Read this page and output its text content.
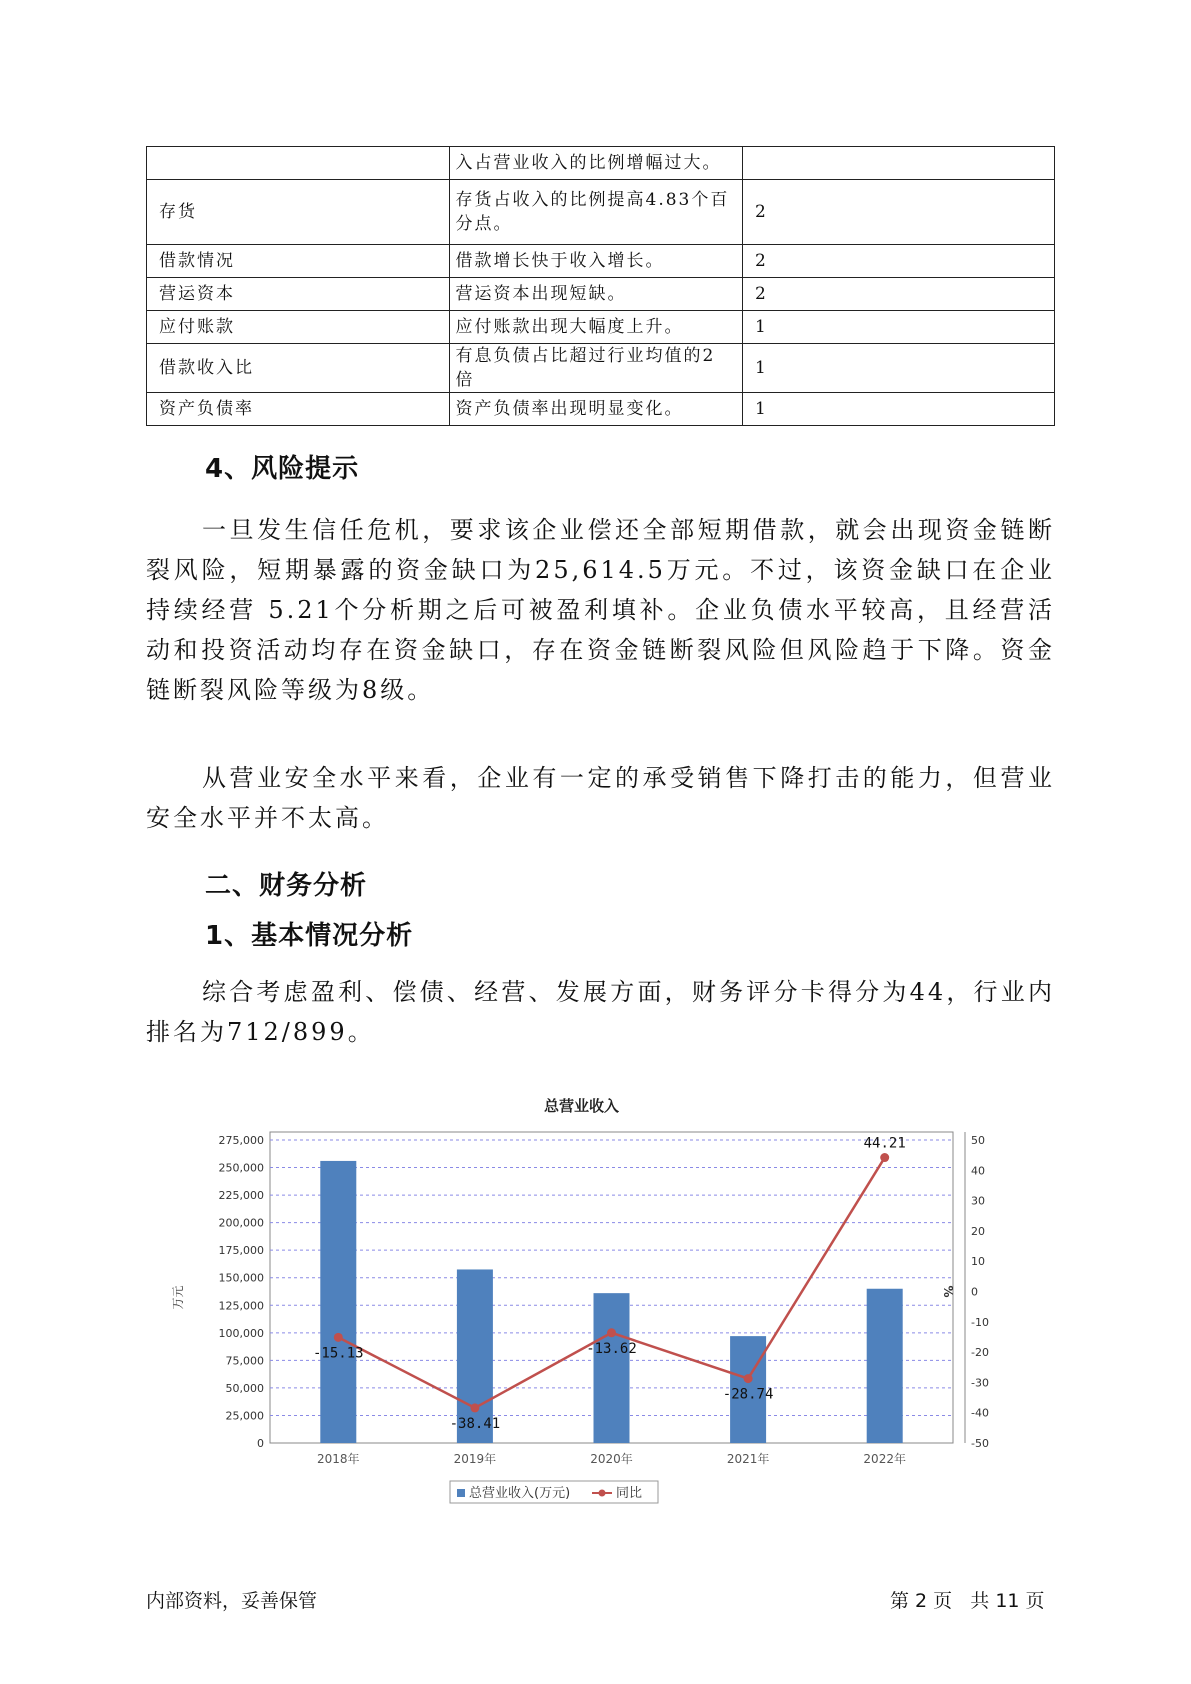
	入占营业收入的比例增幅过大。	
存货	存货占收入的比例提高4.83个百分点。	2
借款情况	借款增长快于收入增长。	2
营运资本	营运资本出现短缺。	2
应付账款	应付账款出现大幅度上升。	1
借款收入比	有息负债占比超过行业均值的2倍	1
资产负债率	资产负债率出现明显变化。	1
4、风险提示

一旦发生信任危机，要求该企业偿还全部短期借款，就会出现资金链断裂风险，短期暴露的资金缺口为25,614.5万元。不过，该资金缺口在企业持续经营 5.21个分析期之后可被盈利填补。企业负债水平较高，且经营活动和投资活动均存在资金缺口，存在资金链断裂风险但风险趋于下降。资金链断裂风险等级为8级。

从营业安全水平来看，企业有一定的承受销售下降打击的能力，但营业安全水平并不太高。

二、财务分析
1、基本情况分析

综合考虑盈利、偿债、经营、发展方面，财务评分卡得分为44，行业内排名为712/899。

总营业收入
0
25,000
50,000
75,000
100,000
125,000
150,000
175,000
200,000
225,000
250,000
275,000
-50
-40
-30
-20
-10
0
10
20
30
40
50
万元	%
2018年	2019年	2020年	2021年	2022年
-15.13
-38.41
-13.62
-28.74
44.21
总营业收入(万元)	同比
内部资料，妥善保管	第 2 页   共 11 页
